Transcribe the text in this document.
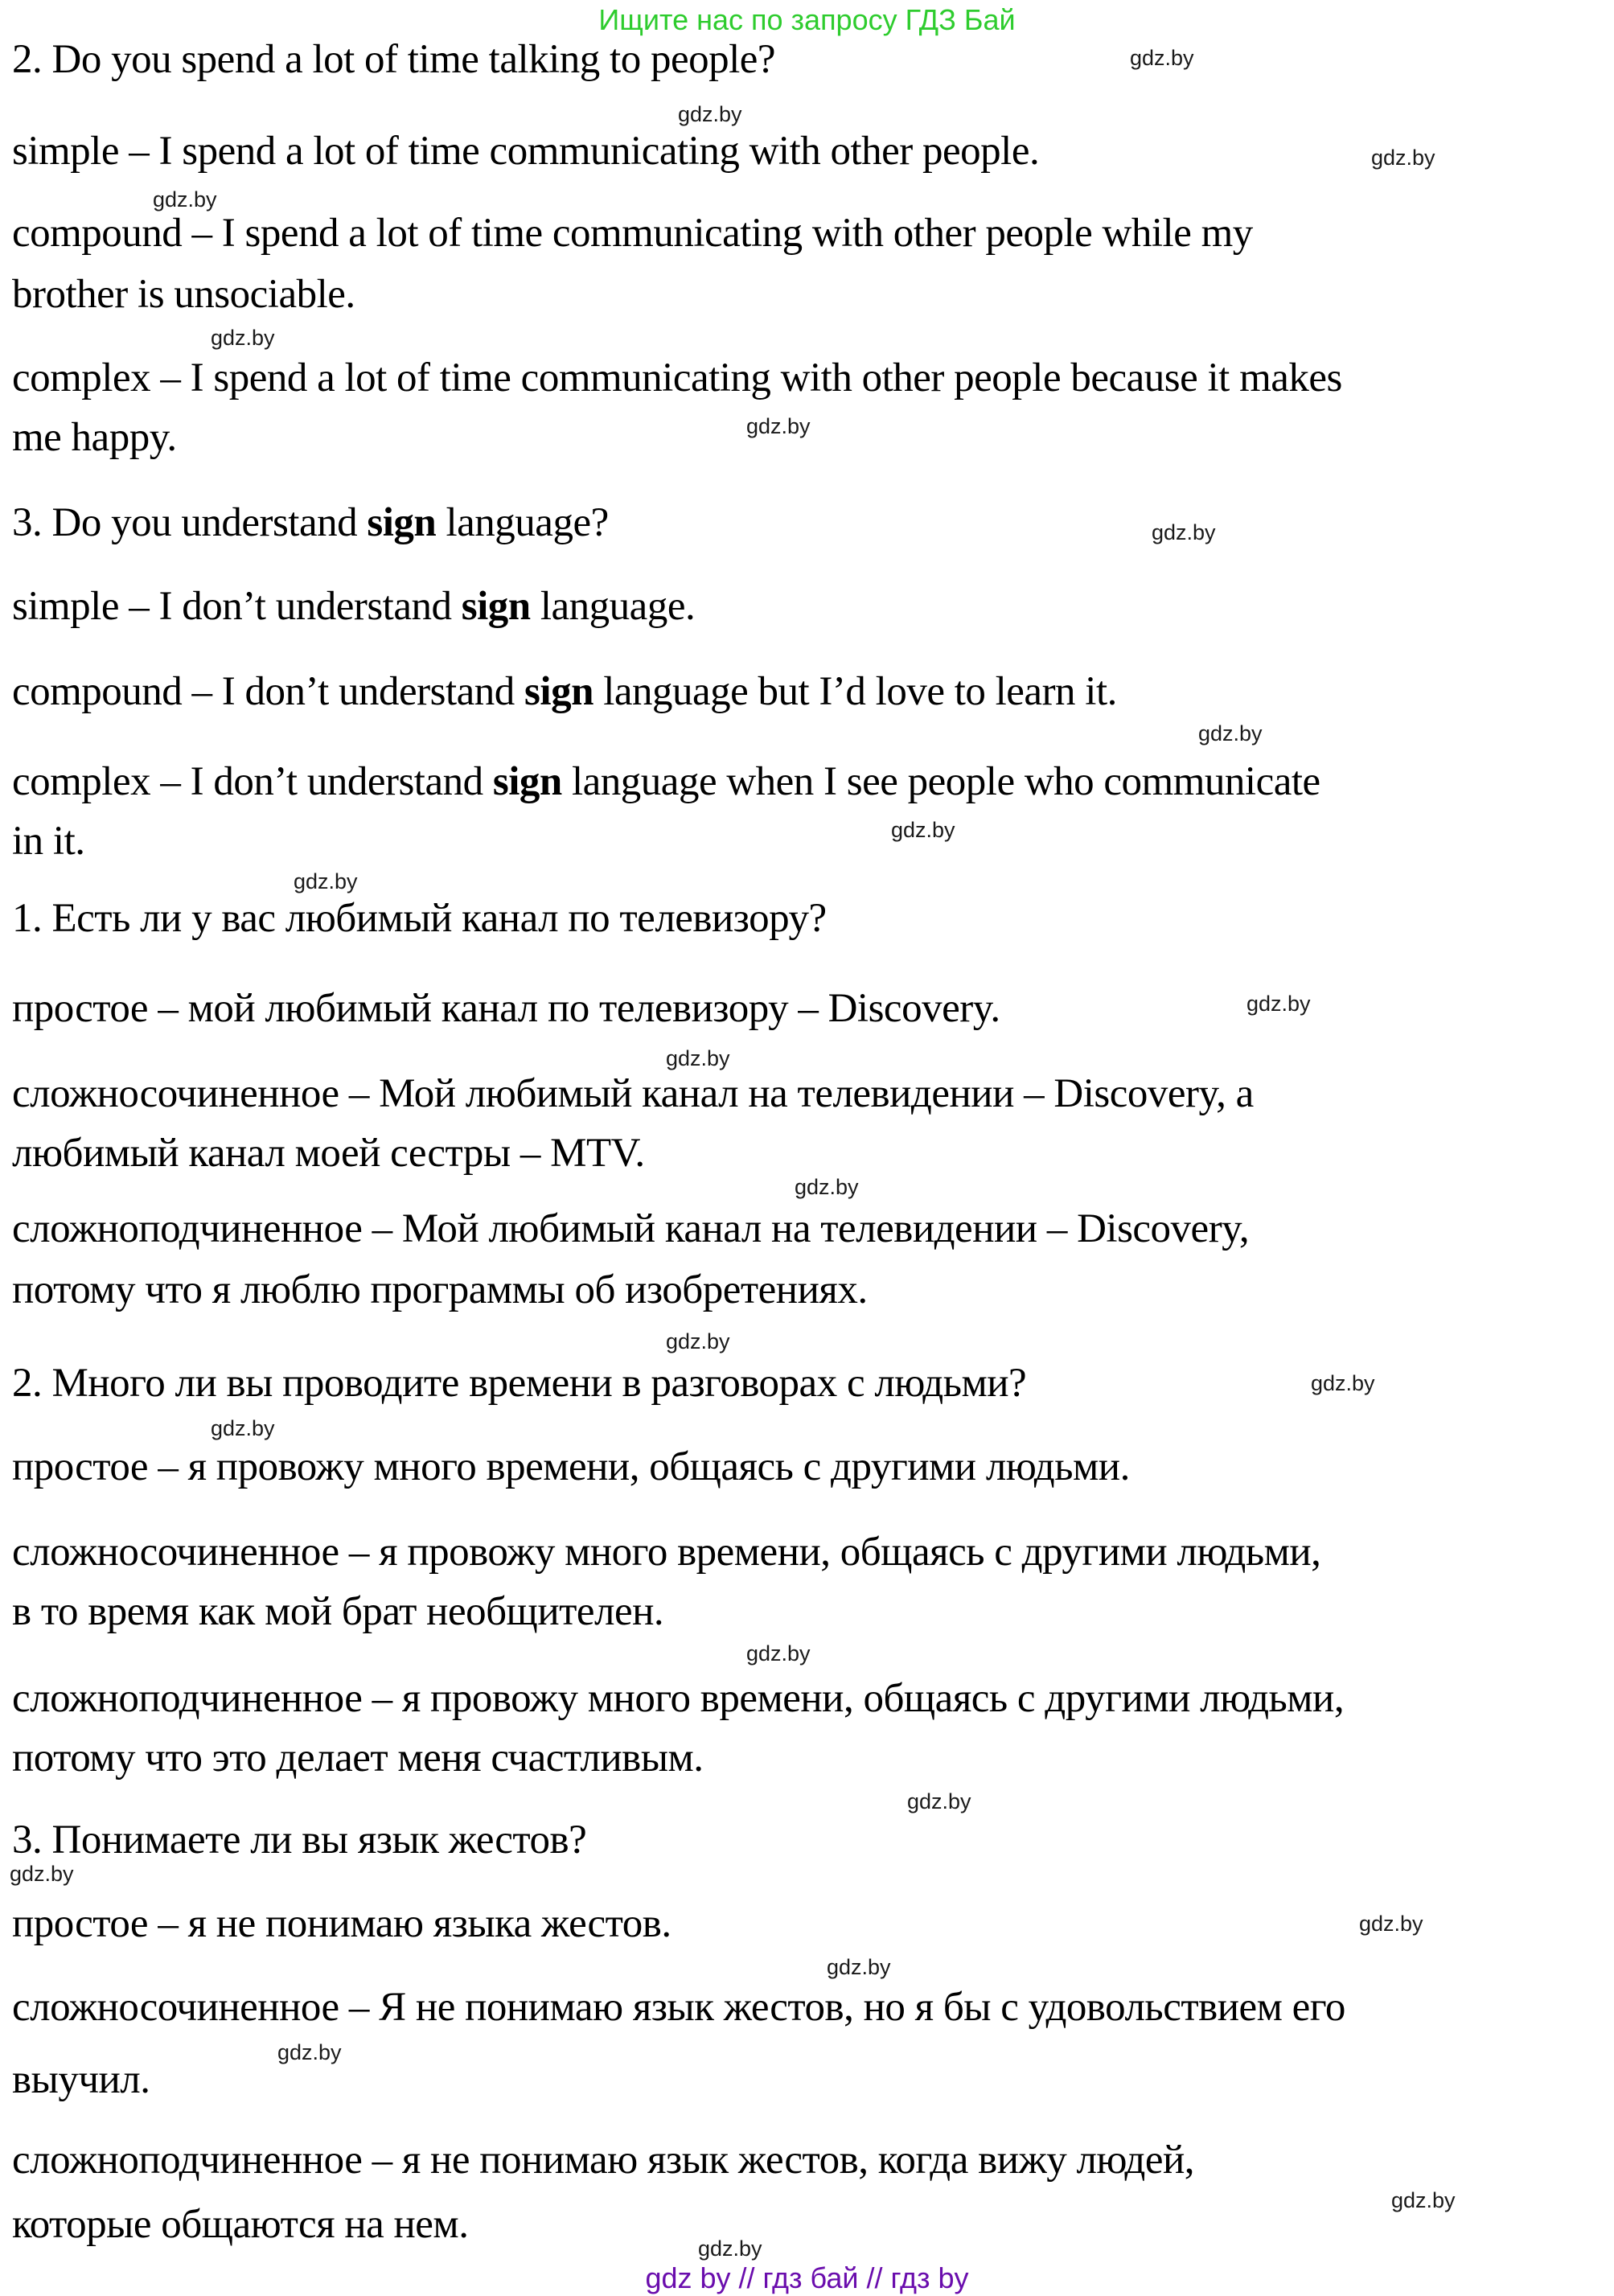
Ищите нас по запросу ГДЗ Бай
2. Do you spend a lot of time talking to people?	gdz.by
gdz.by
simple – I spend a lot of time communicating with other people.	gdz.by
gdz.by
compound – I spend a lot of time communicating with other people while my
brother is unsociable.
gdz.by
complex – I spend a lot of time communicating with other people because it makes
me happy.	gdz.by
3. Do you understand sign language?	gdz.by
simple – I don’t understand sign language.
compound – I don’t understand sign language but I’d love to learn it.
gdz.by
complex – I don’t understand sign language when I see people who communicate
in it.	gdz.by
gdz.by
1. Есть ли у вас любимый канал по телевизору?
простое – мой любимый канал по телевизору – Discovery.	gdz.by
gdz.by
сложносочиненное – Мой любимый канал на телевидении – Discovery, а
любимый канал моей сестры – MTV.
gdz.by
сложноподчиненное – Мой любимый канал на телевидении – Discovery,
потому что я люблю программы об изобретениях.
gdz.by
2. Много ли вы проводите времени в разговорах с людьми?	gdz.by
gdz.by
простое – я провожу много времени, общаясь с другими людьми.
сложносочиненное – я провожу много времени, общаясь с другими людьми,
в то время как мой брат необщителен.
gdz.by
сложноподчиненное – я провожу много времени, общаясь с другими людьми,
потому что это делает меня счастливым.
gdz.by
3. Понимаете ли вы язык жестов?
gdz.by
простое – я не понимаю языка жестов.	gdz.by
gdz.by
сложносочиненное – Я не понимаю язык жестов, но я бы с удовольствием его
gdz.by
выучил.
сложноподчиненное – я не понимаю язык жестов, когда вижу людей,
gdz.by
которые общаются на нем.
gdz.by
gdz by // гдз бай // гдз by
